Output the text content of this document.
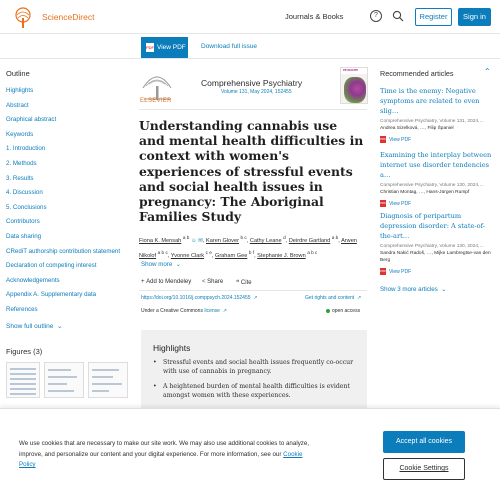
ScienceDirect	Journals & Books	?	Register	Sign in
PDF View PDF	Download full issue
Outline
Highlights
Abstract
Graphical abstract
Keywords
1. Introduction
2. Methods
3. Results
4. Discussion
5. Conclusions
Contributors
Data sharing
CRediT authorship contribution statement
Declaration of competing interest
Acknowledgements
Appendix A. Supplementary data
References
Show full outline  ⌄
Figures (3)
ELSEVIER
Comprehensive Psychiatry
Volume 131, May 2024, 152455
PSYCHIATRY
Understanding cannabis use and mental health difficulties in context with women's experiences of stressful events and social health issues in pregnancy: The Aboriginal Families Study
Fiona K. Mensah $^{a b}$ ☺ ✉, Karen Glover $^{b c}$, Cathy Leane $^d$, Deirdre Gartland $^{a b}$, Arwen Nikolof $^{a b c}$, Yvonne Clark $^{c e}$, Graham Gee $^{b f}$, Stephanie J. Brown $^{a b c}$
Show more  ⌄
+ Add to Mendeley < Share ❝ Cite
https://doi.org/10.1016/j.comppsych.2024.152455  ↗	Get rights and content  ↗
Under a Creative Commons license  ↗	open access
Highlights
• Stressful events and social health issues frequently co-occur with use of cannabis in pregnancy.
• A heightened burden of mental health difficulties is evident amongst women with these experiences.
Recommended articles	⌃
Time is the enemy: Negative symptoms are related to even slig…
Comprehensive Psychiatry, Volume 131, 2024,…
Andrea Sizelková, …, Filip Španiel
PDF View PDF
Examining the interplay between internet use disorder tendencies a…
Comprehensive Psychiatry, Volume 130, 2024,…
Christian Montag, …, Hans-Jürgen Rumpf
PDF View PDF
Diagnosis of peripartum depression disorder: A state-of-the-art…
Comprehensive Psychiatry, Volume 130, 2024,…
Sandra Nakić Radoš, …, Mijke Lambregtse-van den Berg
PDF View PDF
Show 3 more articles  ⌄

We use cookies that are necessary to make our site work. We may also use additional cookies to analyze, improve, and personalize our content and your digital experience. For more information, see our Cookie Policy

Accept all cookies
Cookie Settings
